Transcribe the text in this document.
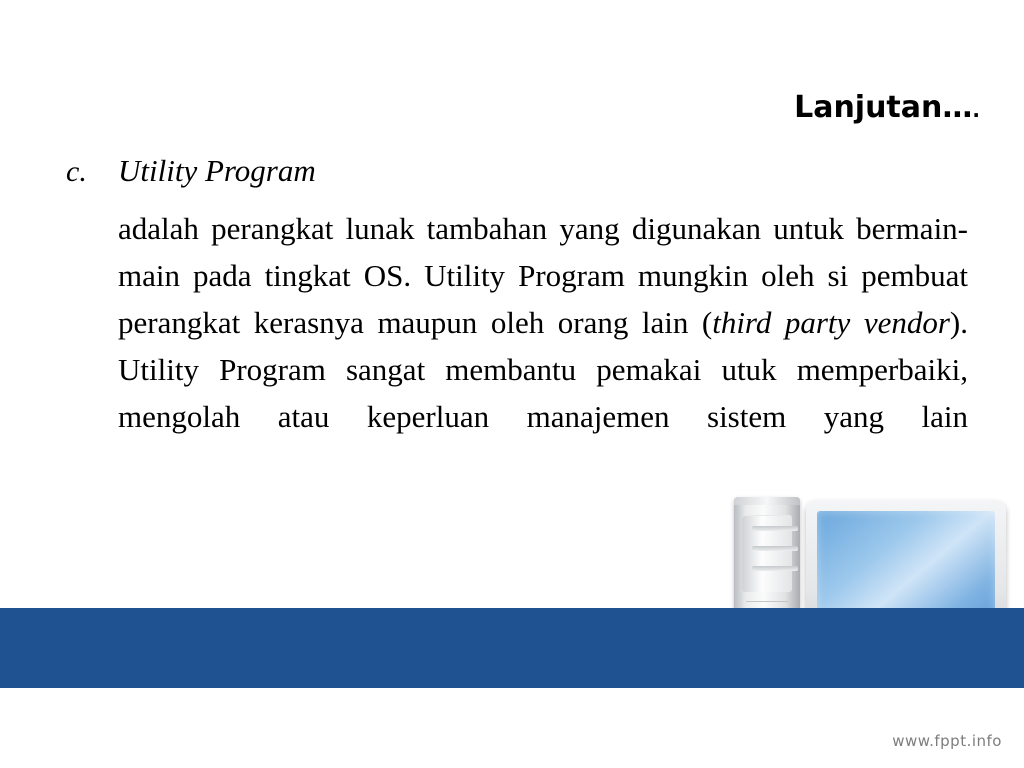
Lanjutan….
c.	Utility Program
adalah perangkat lunak tambahan yang digunakan untuk bermain-main pada tingkat OS. Utility Program mungkin oleh si pembuat perangkat kerasnya maupun oleh orang lain (third party vendor). Utility Program sangat membantu pemakai utuk memperbaiki, mengolah atau keperluan manajemen sistem yang lain
www.fppt.info
